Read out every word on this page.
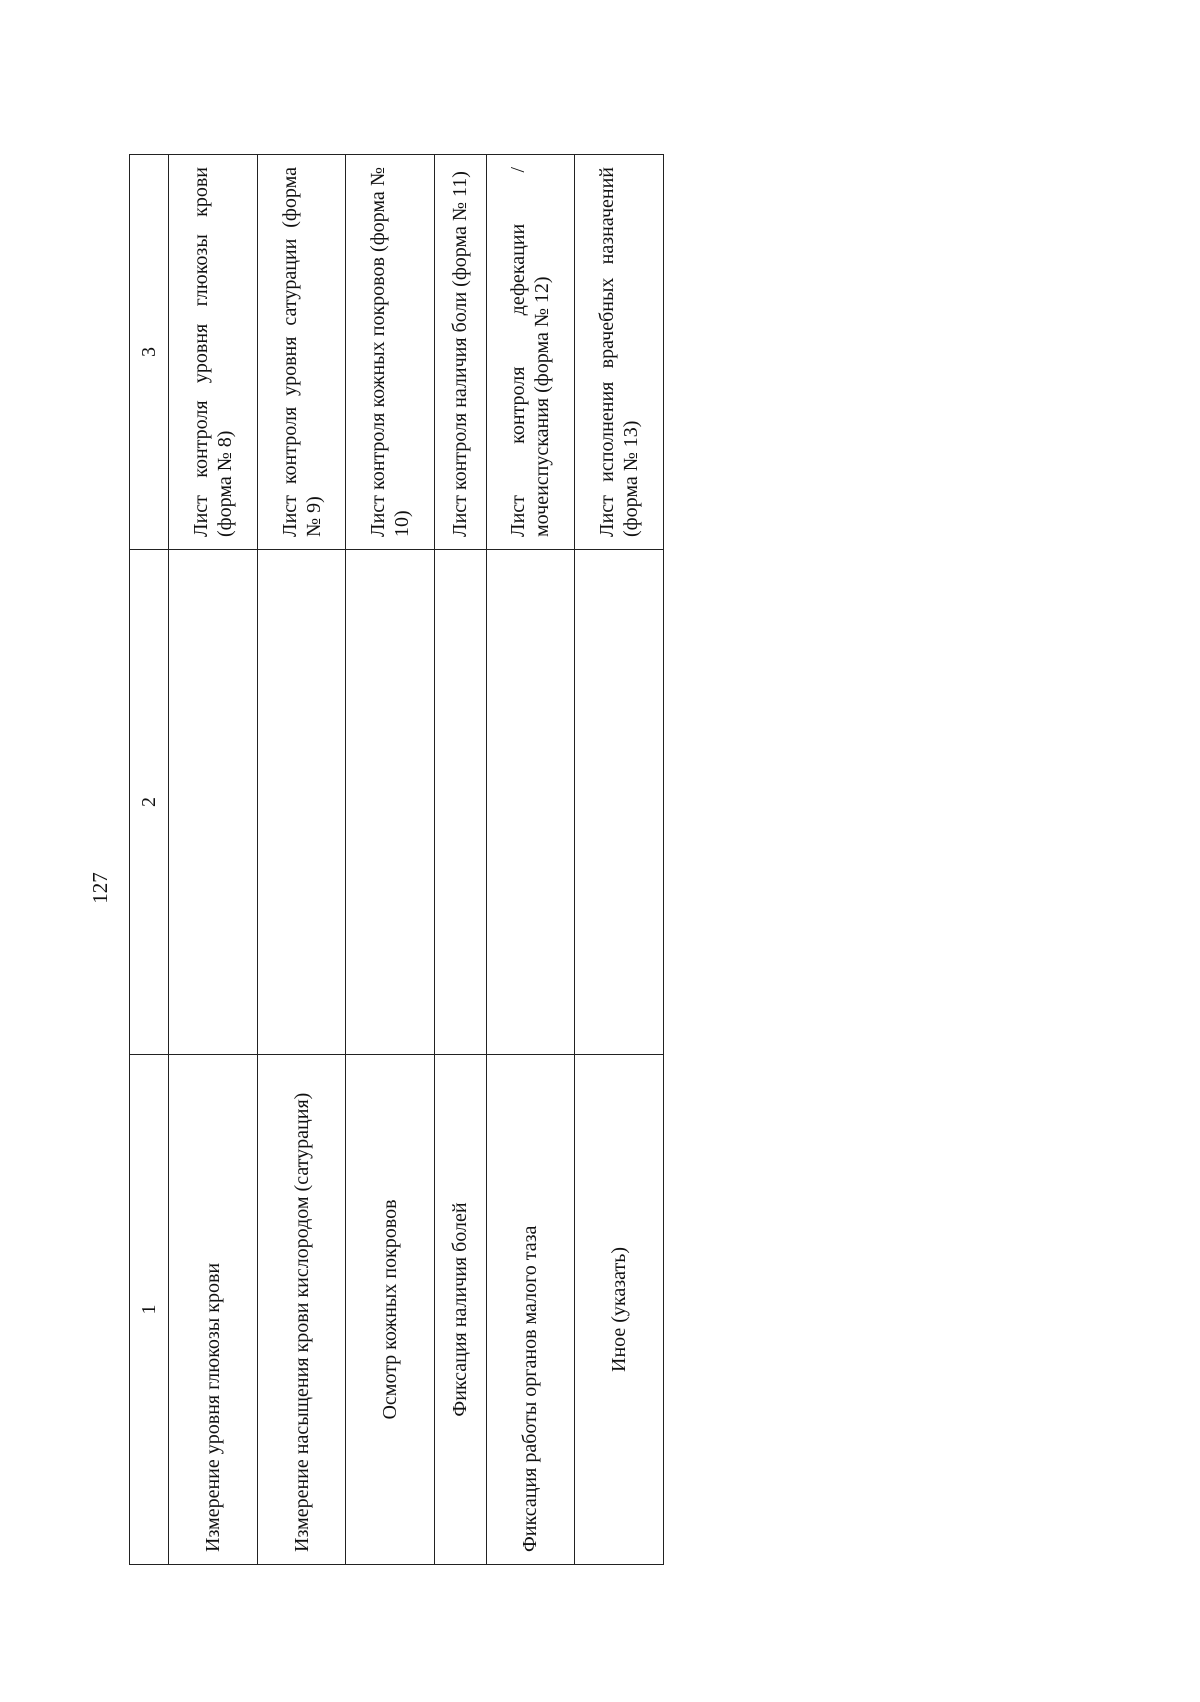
127
1	2	3
Измерение уровня глюкозы крови		Лист контроля уровня глюкозы крови (форма № 8)
Измерение насыщения крови кислородом (сатурация)		Лист контроля уровня сатурации (форма № 9)
Осмотр кожных покровов		Лист контроля кожных покровов (форма № 10)
Фиксация наличия болей		Лист контроля наличия боли (форма № 11)
Фиксация работы органов малого таза		Лист контроля дефекации /мочеиспускания (форма № 12)
Иное (указать)		Лист исполнения врачебных назначений (форма № 13)
